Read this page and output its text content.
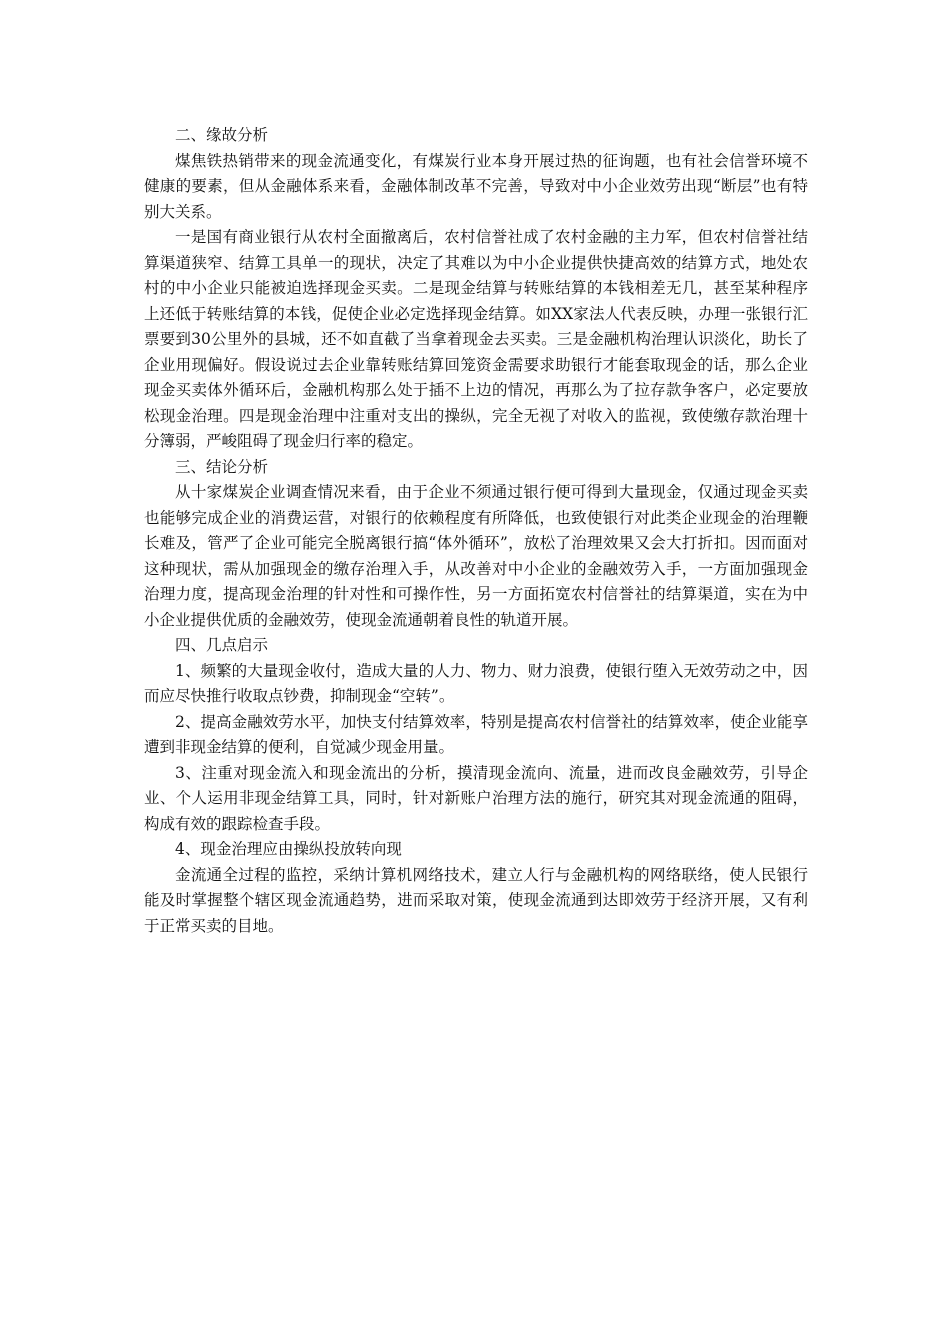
二、缘故分析

煤焦铁热销带来的现金流通变化，有煤炭行业本身开展过热的征询题，也有社会信誉环境不健康的要素，但从金融体系来看，金融体制改革不完善，导致对中小企业效劳出现“断层”也有特别大关系。

一是国有商业银行从农村全面撤离后，农村信誉社成了农村金融的主力军，但农村信誉社结算渠道狭窄、结算工具单一的现状，决定了其难以为中小企业提供快捷高效的结算方式，地处农村的中小企业只能被迫选择现金买卖。二是现金结算与转账结算的本钱相差无几，甚至某种程序上还低于转账结算的本钱，促使企业必定选择现金结算。如XX家法人代表反映，办理一张银行汇票要到30公里外的县城，还不如直截了当拿着现金去买卖。三是金融机构治理认识淡化，助长了企业用现偏好。假设说过去企业靠转账结算回笼资金需要求助银行才能套取现金的话，那么企业现金买卖体外循环后，金融机构那么处于插不上边的情况，再那么为了拉存款争客户，必定要放松现金治理。四是现金治理中注重对支出的操纵，完全无视了对收入的监视，致使缴存款治理十分簿弱，严峻阻碍了现金归行率的稳定。

三、结论分析

从十家煤炭企业调查情况来看，由于企业不须通过银行便可得到大量现金，仅通过现金买卖也能够完成企业的消费运营，对银行的依赖程度有所降低，也致使银行对此类企业现金的治理鞭长难及，管严了企业可能完全脱离银行搞“体外循环”，放松了治理效果又会大打折扣。因而面对这种现状，需从加强现金的缴存治理入手，从改善对中小企业的金融效劳入手，一方面加强现金治理力度，提高现金治理的针对性和可操作性，另一方面拓宽农村信誉社的结算渠道，实在为中小企业提供优质的金融效劳，使现金流通朝着良性的轨道开展。

四、几点启示

1、频繁的大量现金收付，造成大量的人力、物力、财力浪费，使银行堕入无效劳动之中，因而应尽快推行收取点钞费，抑制现金“空转”。

2、提高金融效劳水平，加快支付结算效率，特别是提高农村信誉社的结算效率，使企业能享遭到非现金结算的便利，自觉减少现金用量。

3、注重对现金流入和现金流出的分析，摸清现金流向、流量，进而改良金融效劳，引导企业、个人运用非现金结算工具，同时，针对新账户治理方法的施行，研究其对现金流通的阻碍，构成有效的跟踪检查手段。

4、现金治理应由操纵投放转向现

金流通全过程的监控，采纳计算机网络技术，建立人行与金融机构的网络联络，使人民银行能及时掌握整个辖区现金流通趋势，进而采取对策，使现金流通到达即效劳于经济开展，又有利于正常买卖的目地。
